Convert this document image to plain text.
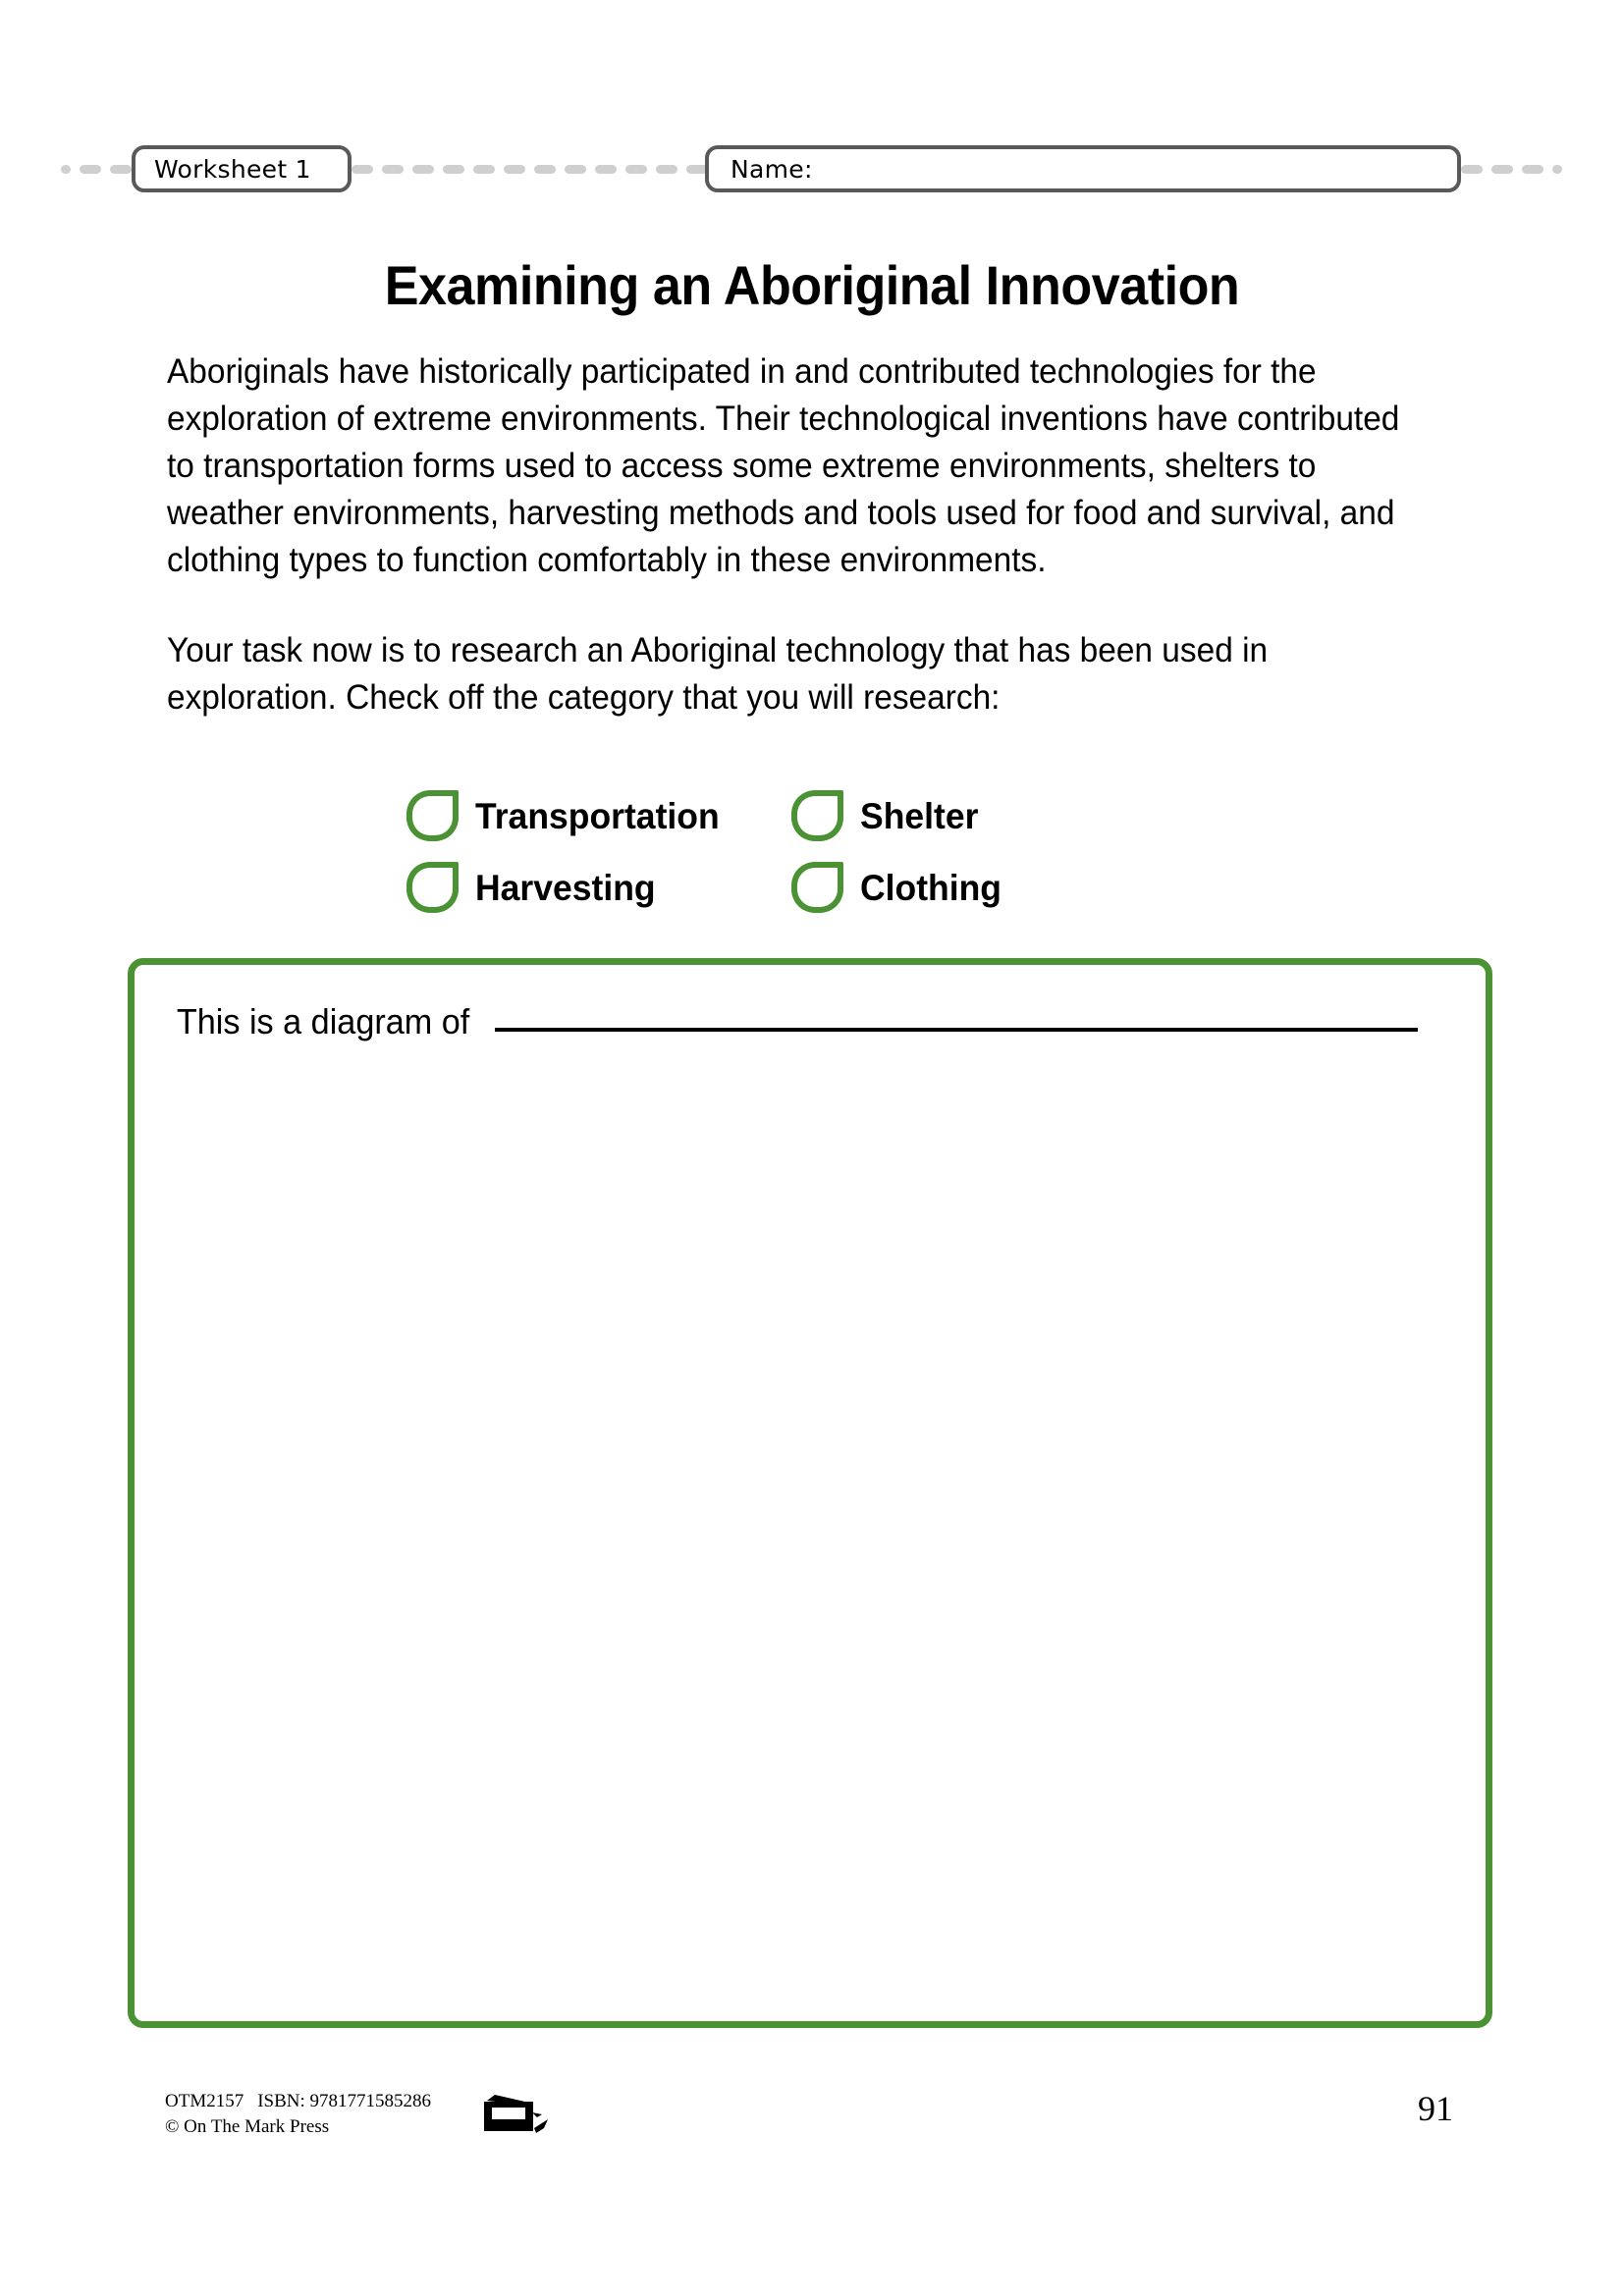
Worksheet 1	Name:
Examining an Aboriginal Innovation

Aboriginals have historically participated in and contributed technologies for the exploration of extreme environments. Their technological inventions have contributed to transportation forms used to access some extreme environments, shelters to weather environments, harvesting methods and tools used for food and survival, and clothing types to function comfortably in these environments.

Your task now is to research an Aboriginal technology that has been used in exploration. Check off the category that you will research:

Transportation	Shelter
Harvesting	Clothing
This is a diagram of
OTM2157 ISBN: 9781771585286
© On The Mark Press	91
